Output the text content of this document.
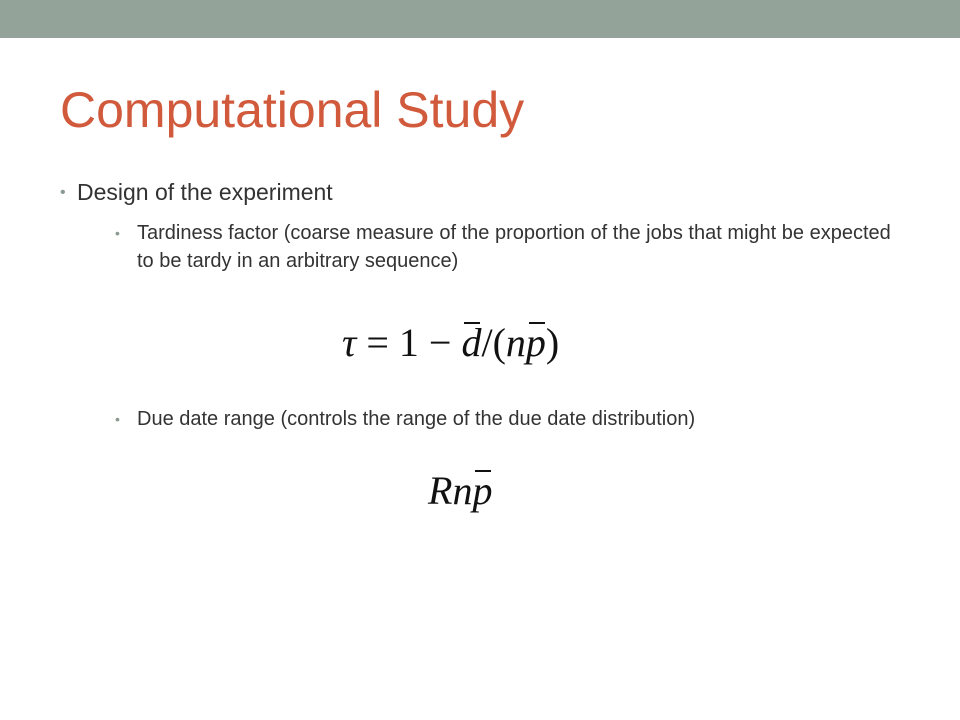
Computational Study
• Design of the experiment
• Tardiness factor (coarse measure of the proportion of the jobs that might be expected to be tardy in an arbitrary sequence)
τ = 1 − d/(np)
• Due date range (controls the range of the due date distribution)
Rnp
